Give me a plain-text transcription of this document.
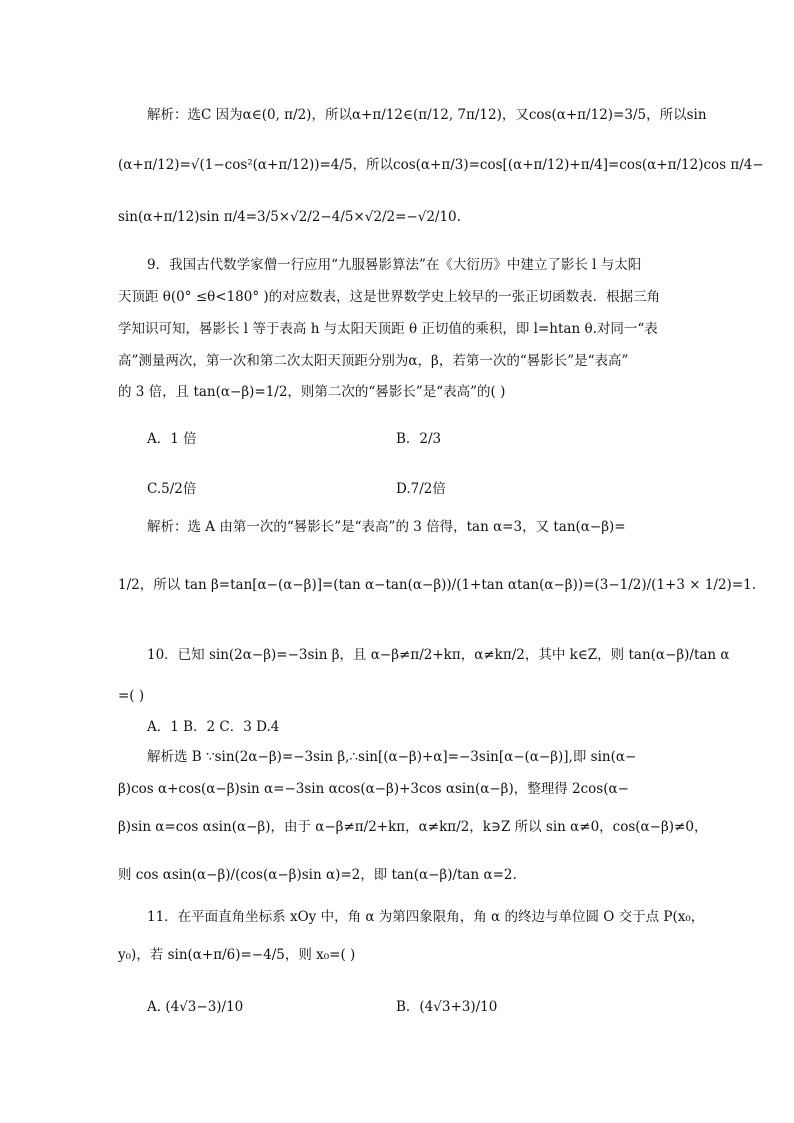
解析：选C 因为α∈(0, π/2)，所以α+π/12∈(π/12, 7π/12)，又cos(α+π/12)=3/5，所以sin
(α+π/12)=√(1−cos²(α+π/12))=4/5，所以cos(α+π/3)=cos[(α+π/12)+π/4]=cos(α+π/12)cos π/4−
sin(α+π/12)sin π/4=3/5×√2/2−4/5×√2/2=−√2/10.
9．我国古代数学家僧一行应用“九服晷影算法”在《大衍历》中建立了影长 l 与太阳
天顶距 θ(0° ≤θ<180° )的对应数表，这是世界数学史上较早的一张正切函数表．根据三角
学知识可知，晷影长 l 等于表高 h 与太阳天顶距 θ 正切值的乘积，即 l=htan θ.对同一“表
高”测量两次，第一次和第二次太阳天顶距分别为α，β，若第一次的“晷影长”是“表高”
的 3 倍，且 tan(α−β)=1/2，则第二次的“晷影长”是“表高”的( )
A．1 倍	B．2/3
C.5/2倍	D.7/2倍
解析：选 A 由第一次的“晷影长”是“表高”的 3 倍得，tan α=3，又 tan(α−β)=
1/2，所以 tan β=tan[α−(α−β)]=(tan α−tan(α−β))/(1+tan αtan(α−β))=(3−1/2)/(1+3 × 1/2)=1.
10．已知 sin(2α−β)=−3sin β，且 α−β≠π/2+kπ，α≠kπ/2，其中 k∈Z，则 tan(α−β)/tan α
=( )
A．1 B．2 C．3 D.4
解析选 B ∵sin(2α−β)=−3sin β,∴sin[(α−β)+α]=−3sin[α−(α−β)],即 sin(α−
β)cos α+cos(α−β)sin α=−3sin αcos(α−β)+3cos αsin(α−β)，整理得 2cos(α−
β)sin α=cos αsin(α−β)，由于 α−β≠π/2+kπ，α≠kπ/2，k∋Z 所以 sin α≠0，cos(α−β)≠0，
则 cos αsin(α−β)/(cos(α−β)sin α)=2，即 tan(α−β)/tan α=2.
11．在平面直角坐标系 xOy 中，角 α 为第四象限角，角 α 的终边与单位圆 O 交于点 P(x₀，
y₀)，若 sin(α+π/6)=−4/5，则 x₀=( )
A. (4√3−3)/10	B．(4√3+3)/10
